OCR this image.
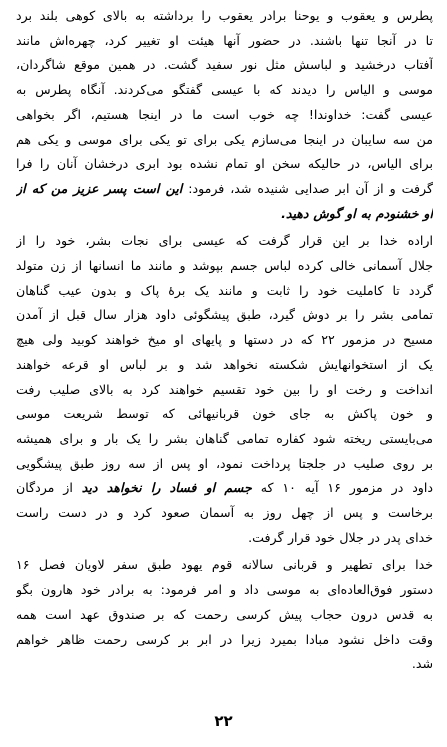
پطرس و یعقوب و یوحنا برادر یعقوب را برداشته به بالای کوهی بلند برد
تا در آنجا تنها باشند. در حضور آنها هیئت او تغییر کرد، چهره‌اش مانند
آفتاب درخشید و لباسش مثل نور سفید گشت. در همین موقع شاگردان،
موسی و الیاس را دیدند که با عیسی گفتگو می‌کردند. آنگاه پطرس به
عیسی گفت: خداوندا! چه خوب است ما در اینجا هستیم، اگر بخواهی
من سه سایبان در اینجا می‌سازم یکی برای تو یکی برای موسی و یکی هم
برای الیاس، در حالیکه سخن او تمام نشده بود ابری درخشان آنان را فرا
گرفت و از آن ابر صدایی شنیده شد، فرمود: این است پسر عزیز من که از
او خشنودم به او گوش دهید.
اراده خدا بر این قرار گرفت که عیسی برای نجات بشر، خود را از
جلال آسمانی خالی کرده لباس جسم بپوشد و مانند ما انسانها از زن متولد
گردد تا کاملیت خود را ثابت و مانند یک برهٔ پاک و بدون عیب گناهان
تمامی بشر را بر دوش گیرد، طبق پیشگوئی داود هزار سال قبل از آمدن
مسیح در مزمور ۲۲ که در دستها و پایهای او میخ خواهند کوبید ولی هیچ
یک از استخوانهایش شکسته نخواهد شد و بر لباس او قرعه خواهند
انداخت و رخت او را بین خود تقسیم خواهند کرد به بالای صلیب رفت
و خون پاکش به جای خون قربانیهائی که توسط شریعت موسی
می‌بایستی ریخته شود کفاره تمامی گناهان بشر را یک بار و برای همیشه
بر روی صلیب در جلجتا پرداخت نمود، او پس از سه روز طبق پیشگویی
داود در مزمور ۱۶ آیه ۱۰ که جسم او فساد را نخواهد دید از مردگان
برخاست و پس از چهل روز به آسمان صعود کرد و در دست راست
خدای پدر در جلال خود قرار گرفت.
خدا برای تطهیر و قربانی سالانه قوم یهود طبق سفر لاویان فصل ۱۶
دستور فوق‌العاده‌ای به موسی داد و امر فرمود: به برادر خود هارون بگو
به قدس درون حجاب پیش کرسی رحمت که بر صندوق عهد است همه
وقت داخل نشود مبادا بمیرد زیرا در ابر بر کرسی رحمت ظاهر خواهم
شد.
۲۲
